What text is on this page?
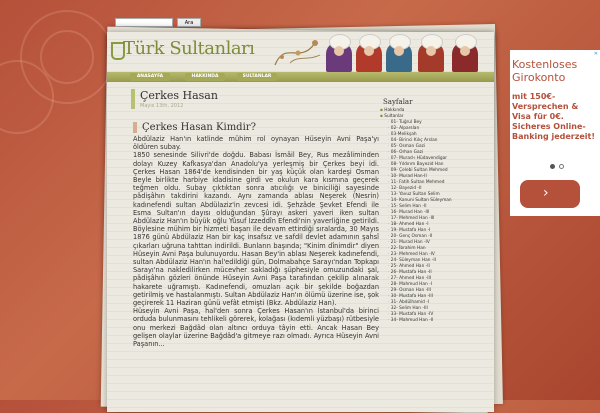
Ara
Türk Sultanları
ANASAYFA	HAKKINDA	SULTANLAR
Çerkes Hasan
Mayıs 13th, 2012
Çerkes Hasan Kimdir?

Abdülaziz Han'ın katlinde mühim rol oynayan Hüseyin Avni Paşa'yı öldüren subay.

1850 senesinde Silivri'de doğdu. Babası İsmâil Bey, Rus mezâliminden dolayı Kuzey Kafkasya'dan Anadolu'ya yerleşmiş bir Çerkes beyi idi. Çerkes Hasan 1864'de kendisinden bir yaş küçük olan kardeşi Osman Beyle birlikte harbiye idadisine girdi ve okulun kara kısmına geçerek teğmen oldu. Subay çıktıktan sonra atıcılığı ve biniciliği sayesinde pâdişâhın takdirini kazandı. Aynı zamanda ablası Neşerek (Nesrin) kadınefendi sultan Abdülaziz'in zevcesi idi. Şehzâde Şevket Efendi ile Esma Sultan'ın dayısı olduğundan Şûrayı askeri yaveri iken sultan Abdülaziz Han'ın büyük oğlu Yûsuf İzzeddîn Efendi'nin yaverliğine getirildi. Böylesine mühim bir hizmeti başarı ile devam ettirdiği sıralarda, 30 Mayıs 1876 günü Abdülaziz Han bir kaç insafsız ve safdil devlet adamının şahsî çıkarları uğruna tahttan indirildi. Bunların başında; "Kinim dînimdir" diyen Hüseyin Avni Paşa bulunuyordu. Hasan Bey'in ablası Neşerek kadınefendi, sultan Abdülaziz Han'ın hal'edildiği gün, Dolmabahçe Sarayı'ndan Topkapı Sarayı'na nakledilirken mücevher sakladığı şüphesiyle omuzundaki şal, pâdişâhın gözleri önünde Hüseyin Avni Paşa tarafından çekilip alınarak hakarete uğramıştı. Kadınefendi, omuzları açık bir şekilde boğazdan getirilmiş ve hastalanmıştı. Sultan Abdülaziz Han'ın ölümü üzerine ise, şok geçirerek 11 Haziran günü vefât etmişti (Bkz. Abdülaziz Han).

Hüseyin Avni Paşa, hal'den sonra Çerkes Hasan'ın İstanbul'da birinci orduda bulunmasını tehlikeli görerek, kolağası (kıdemli yüzbaşı) rütbesiyle onu merkezi Bağdâd olan altıncı orduya tâyin etti. Ancak Hasan Bey gelişen olaylar üzerine Bağdâd'a gitmeye razı olmadı. Ayrıca Hüseyin Avni Paşanın...

Sayfalar
▪ Hakkında
▪ Sultanlar
· 01- Tuğrul Bey
· 02- Alparslan
· 03-Melikşah
· 04- Birinci Kılıç Arslan
· 05- Osman Gazi
· 06- Orhan Gazi
· 07- Murad-ı Hüdavendigar
· 08- Yıldırım Bayezid Han
· 09- Çelebi Sultan Mehmed
· 10- Murad Han-II
· 11- Fatih Sultan Mehmed
· 12- Bayezid -II
· 13- Yavuz Sultan Selim
· 14- Kanuni Sultan Süleyman
· 15- Selim Han -II
· 16- Murad Han -III
· 17- Mehmed Han -III
· 18- Ahmed Han -I
· 19- Mustafa Han -I
· 20- Genç Osman -II
· 21- Murad Han -IV
· 22- İbrahim Han
· 23- Mehmed Han -IV
· 24- Süleyman Han -II
· 25- Ahmed Han -II
· 26- Mustafa Han -II
· 27- Ahmed Han -III
· 28- Mahmud Han -I
· 29- Osman Han -III
· 30- Mustafa Han -III
· 31- Abdülhamid -I
· 32- Selim Han -III
· 33- Mustafa Han -IV
· 34- Mahmud Han -II
✕
Kostenloses Girokonto
mit 150€-Versprechen & Visa für 0€. Sicheres Online-Banking jederzeit!
›
